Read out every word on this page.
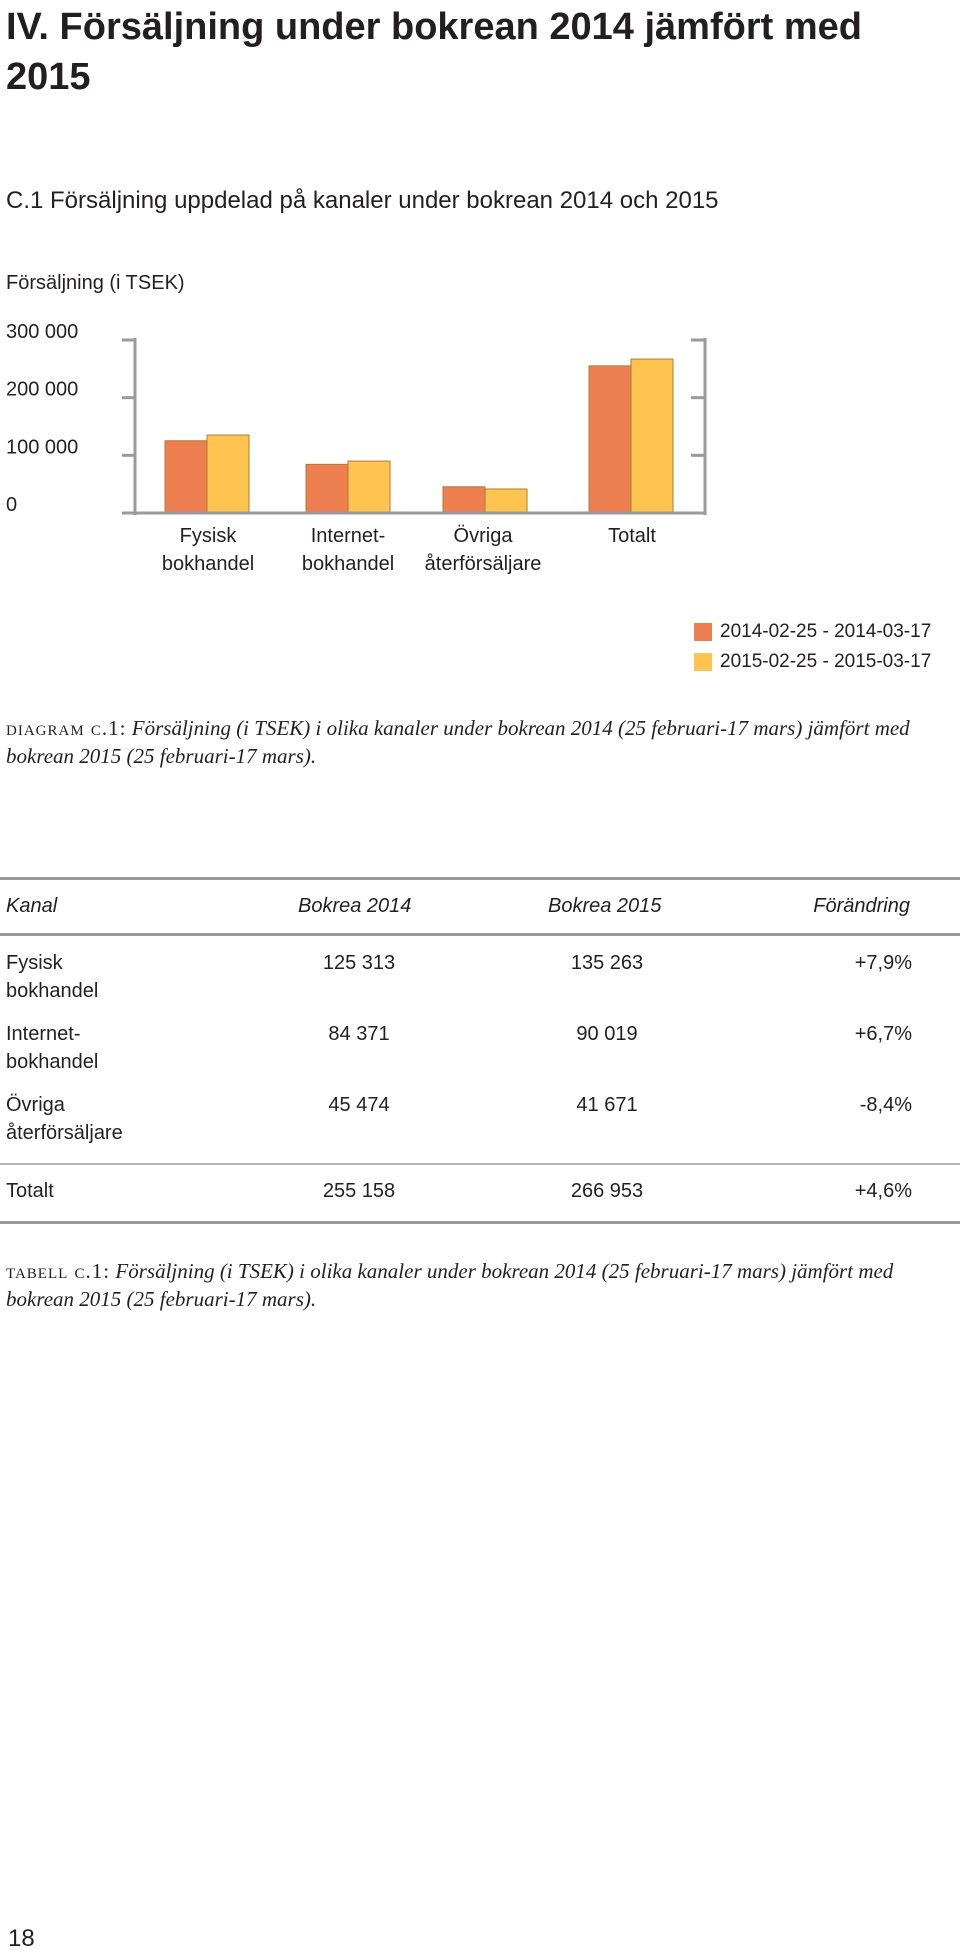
IV. Försäljning under bokrean 2014 jämfört med 2015
C.1 Försäljning uppdelad på kanaler under bokrean 2014 och 2015
Försäljning (i TSEK)
300 000
200 000
100 000
0
Fysisk
bokhandel
Internet-
bokhandel
Övriga
återförsäljare
Totalt
2014-02-25 - 2014-03-17
2015-02-25 - 2015-03-17
diagram c.1: Försäljning (i TSEK) i olika kanaler under bokrean 2014 (25 februari-17 mars) jämfört med bokrean 2015 (25 februari-17 mars).
Kanal	Bokrea 2014	Bokrea 2015	Förändring
Fysisk
bokhandel
125 313	135 263	+7,9%
Internet-
bokhandel
84 371	90 019	+6,7%
Övriga
återförsäljare
45 474	41 671	-8,4%
Totalt	255 158	266 953	+4,6%
tabell c.1: Försäljning (i TSEK) i olika kanaler under bokrean 2014 (25 februari-17 mars) jämfört med bokrean 2015 (25 februari-17 mars).
18
